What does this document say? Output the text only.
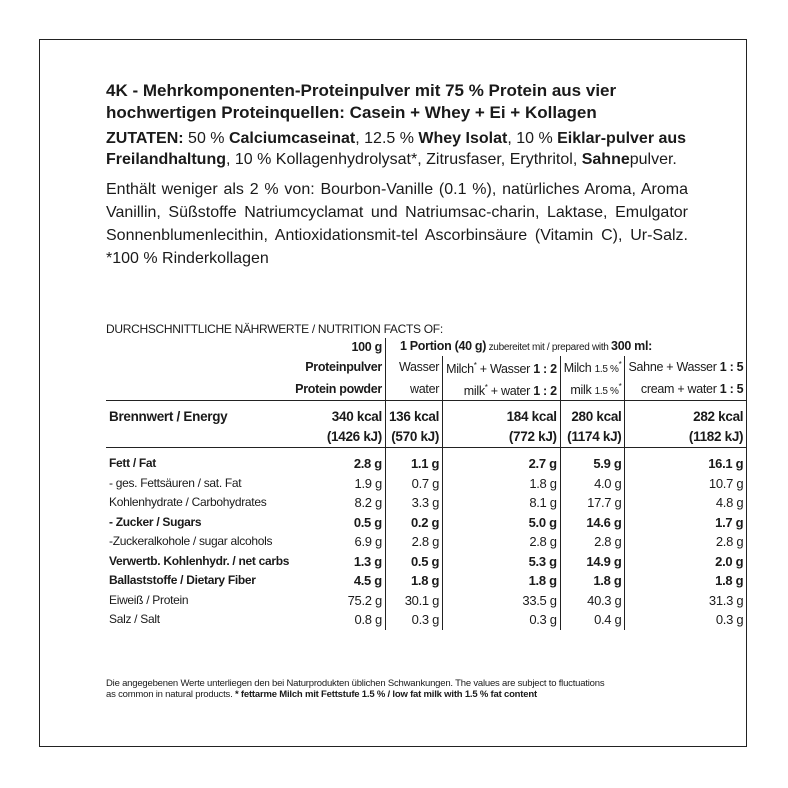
4K - Mehrkomponenten-Proteinpulver mit 75 % Protein aus vier hochwertigen Proteinquellen: Casein + Whey + Ei + Kollagen

ZUTATEN: 50 % Calciumcaseinat, 12.5 % Whey Isolat, 10 % Eiklar-pulver aus Freilandhaltung, 10 % Kollagenhydrolysat*, Zitrusfaser, Erythritol, Sahnepulver.

Enthält weniger als 2 % von: Bourbon-Vanille (0.1 %), natürliches Aroma, Aroma Vanillin, Süßstoffe Natriumcyclamat und Natriumsac-charin, Laktase, Emulgator Sonnenblumenlecithin, Antioxidationsmit-tel Ascorbinsäure (Vitamin C), Ur-Salz. *100 % Rinderkollagen

DURCHSCHNITTLICHE NÄHRWERTE / NUTRITION FACTS OF:

	100 g	1 Portion (40 g) zubereitet mit / prepared with 300 ml:			
	Proteinpulver	Wasser	Milch* + Wasser 1 : 2	Milch 1.5 %*	Sahne + Wasser 1 : 5
	Protein powder	water	milk* + water 1 : 2	milk 1.5 %*	cream + water 1 : 5

Brennwert / Energy	340 kcal	136 kcal	184 kcal	280 kcal	282 kcal
	(1426 kJ)	(570 kJ)	(772 kJ)	(1174 kJ)	(1182 kJ)

Fett / Fat	2.8 g	1.1 g	2.7 g	5.9 g	16.1 g
- ges. Fettsäuren / sat. Fat	1.9 g	0.7 g	1.8 g	4.0 g	10.7 g
Kohlenhydrate / Carbohydrates	8.2 g	3.3 g	8.1 g	17.7 g	4.8 g
- Zucker / Sugars	0.5 g	0.2 g	5.0 g	14.6 g	1.7 g
-Zuckeralkohole / sugar alcohols	6.9 g	2.8 g	2.8 g	2.8 g	2.8 g
Verwertb. Kohlenhydr. / net carbs	1.3 g	0.5 g	5.3 g	14.9 g	2.0 g
Ballaststoffe / Dietary Fiber	4.5 g	1.8 g	1.8 g	1.8 g	1.8 g
Eiweiß / Protein	75.2 g	30.1 g	33.5 g	40.3 g	31.3 g
Salz / Salt	0.8 g	0.3 g	0.3 g	0.4 g	0.3 g
Die angegebenen Werte unterliegen den bei Naturprodukten üblichen Schwankungen. The values are subject to fluctuations
as common in natural products. * fettarme Milch mit Fettstufe 1.5 % / low fat milk with 1.5 % fat content
